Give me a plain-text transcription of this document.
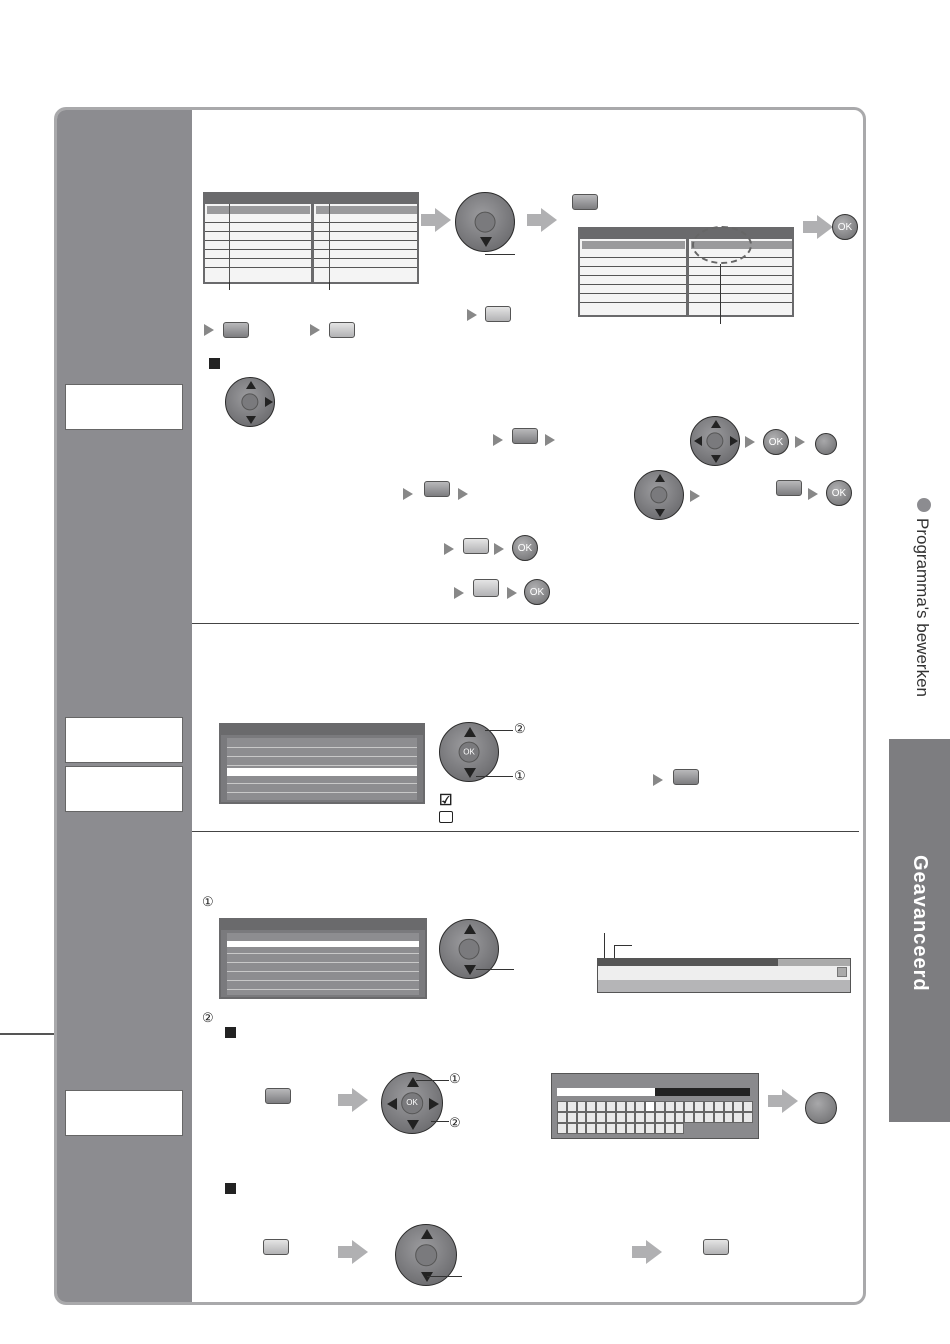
OK
OK
OK
OK
OK
OK
②
①
☑
①
②
OK
①
②
Programma's bewerken
Geavanceerd
